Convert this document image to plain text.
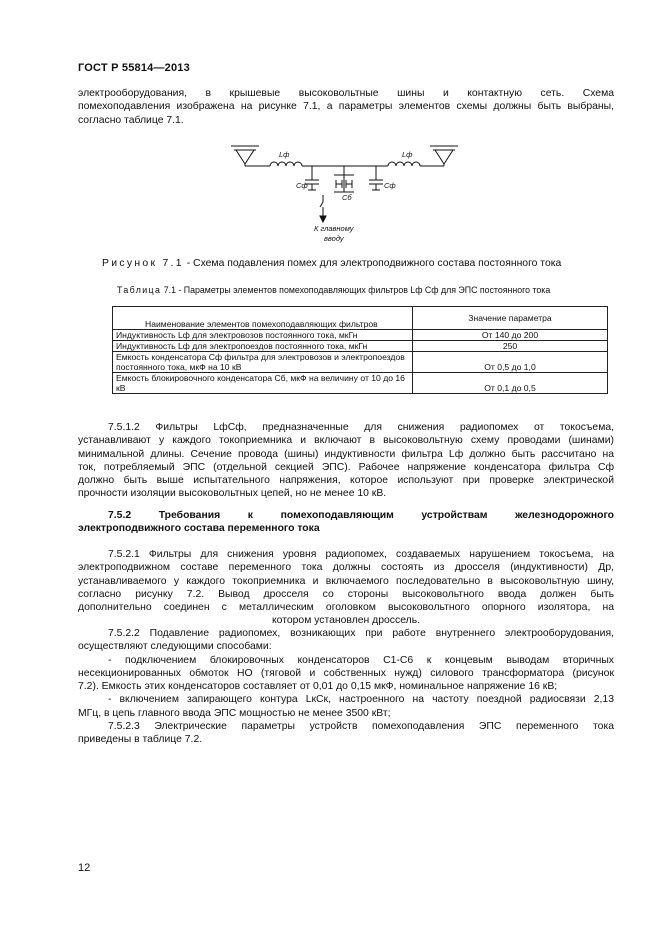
ГОСТ Р 55814—2013
электрооборудования, в крышевые высоковольтные шины и контактную сеть. Схема
помехоподавления изображена на рисунке 7.1, а параметры элементов схемы должны быть выбраны,
согласно таблице 7.1.
Lф	Lф
Cф	Cф
Cб
К главному
вводу
Рисунок 7.1 - Схема подавления помех для электроподвижного состава постоянного тока
Таблица 7.1 - Параметры элементов помехоподавляющих фильтров Lф Сф для ЭПС постоянного тока
Наименование элементов помехоподавляющих фильтров	Значение параметра
Индуктивность Lф для электровозов постоянного тока, мкГн	От 140 до 200
Индуктивность Lф для электропоездов постоянного тока, мкГн	250
Емкость конденсатора Сф фильтра для электровозов и электропоездов постоянного тока, мкФ на 10 кВ	От 0,5 до 1,0
Емкость блокировочного конденсатора Сб, мкФ на величину от 10 до 16 кВ	От 0,1 до 0,5
7.5.1.2 Фильтры LфCф, предназначенные для снижения радиопомех от токосъема,
устанавливают у каждого токоприемника и включают в высоковольтную схему проводами (шинами)
минимальной длины. Сечение провода (шины) индуктивности фильтра Lф должно быть рассчитано на
ток, потребляемый ЭПС (отдельной секцией ЭПС). Рабочее напряжение конденсатора фильтра Сф
должно быть выше испытательного напряжения, которое используют при проверке электрической
прочности изоляции высоковольтных цепей, но не менее 10 кВ.
7.5.2 Требования к помехоподавляющим устройствам железнодорожного
электроподвижного состава переменного тока
7.5.2.1 Фильтры для снижения уровня радиопомех, создаваемых нарушением токосъема, на
электроподвижном составе переменного тока должны состоять из дросселя (индуктивности) Др,
устанавливаемого у каждого токоприемника и включаемого последовательно в высоковольтную шину,
согласно рисунку 7.2. Вывод дросселя со стороны высоковольтного ввода должен быть
дополнительно соединен с металлическим оголовком высоковольтного опорного изолятора, на
котором установлен дроссель.
7.5.2.2 Подавление радиопомех, возникающих при работе внутреннего электрооборудования,
осуществляют следующими способами:
- подключением блокировочных конденсаторов С1-С6 к концевым выводам вторичных
несекционированных обмоток НО (тяговой и собственных нужд) силового трансформатора (рисунок
7.2). Емкость этих конденсаторов составляет от 0,01 до 0,15 мкФ, номинальное напряжение 16 кВ;
- включением запирающего контура LкCк, настроенного на частоту поездной радиосвязи 2,13
МГц, в цепь главного ввода ЭПС мощностью не менее 3500 кВт;
7.5.2.3 Электрические параметры устройств помехоподавления ЭПС переменного тока
приведены в таблице 7.2.
12
